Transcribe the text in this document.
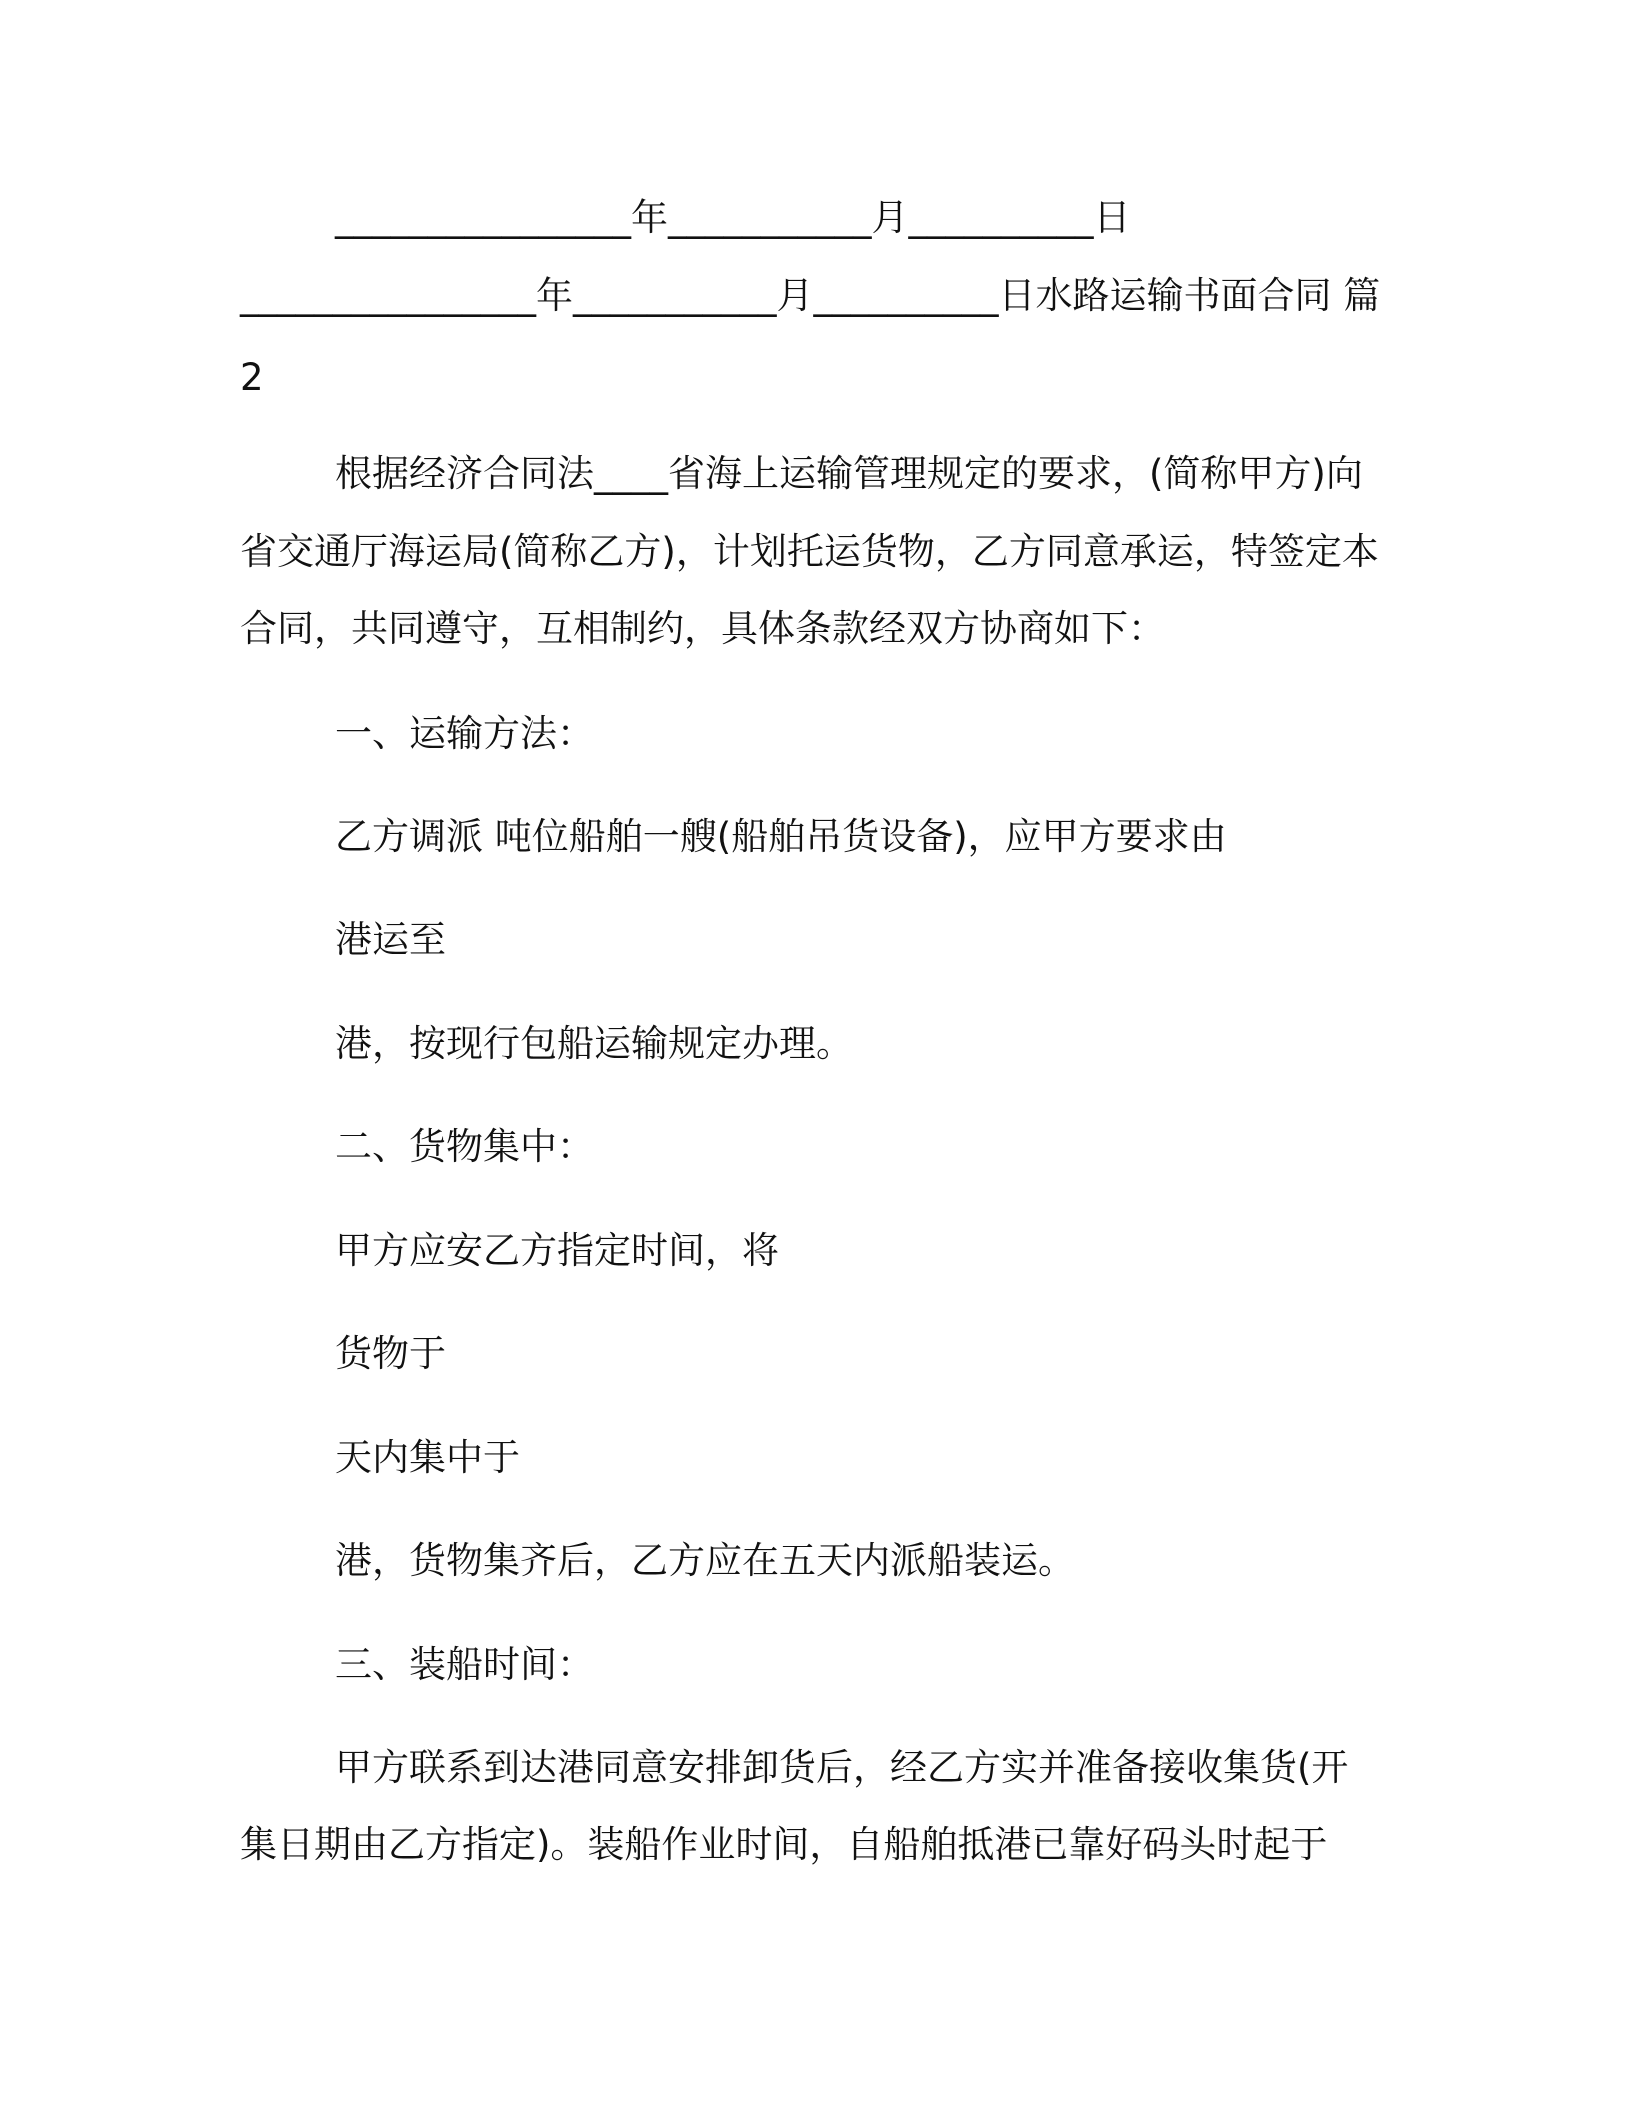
________________年___________月__________日
________________年___________月__________日水路运输书面合同 篇
2
根据经济合同法____省海上运输管理规定的要求，(简称甲方)向
省交通厅海运局(简称乙方)，计划托运货物，乙方同意承运，特签定本
合同，共同遵守，互相制约，具体条款经双方协商如下：
一、运输方法：
乙方调派 吨位船舶一艘(船舶吊货设备)，应甲方要求由
港运至
港，按现行包船运输规定办理。
二、货物集中：
甲方应安乙方指定时间，将
货物于
天内集中于
港，货物集齐后，乙方应在五天内派船装运。
三、装船时间：
甲方联系到达港同意安排卸货后，经乙方实并准备接收集货(开
集日期由乙方指定)。装船作业时间，自船舶抵港已靠好码头时起于
